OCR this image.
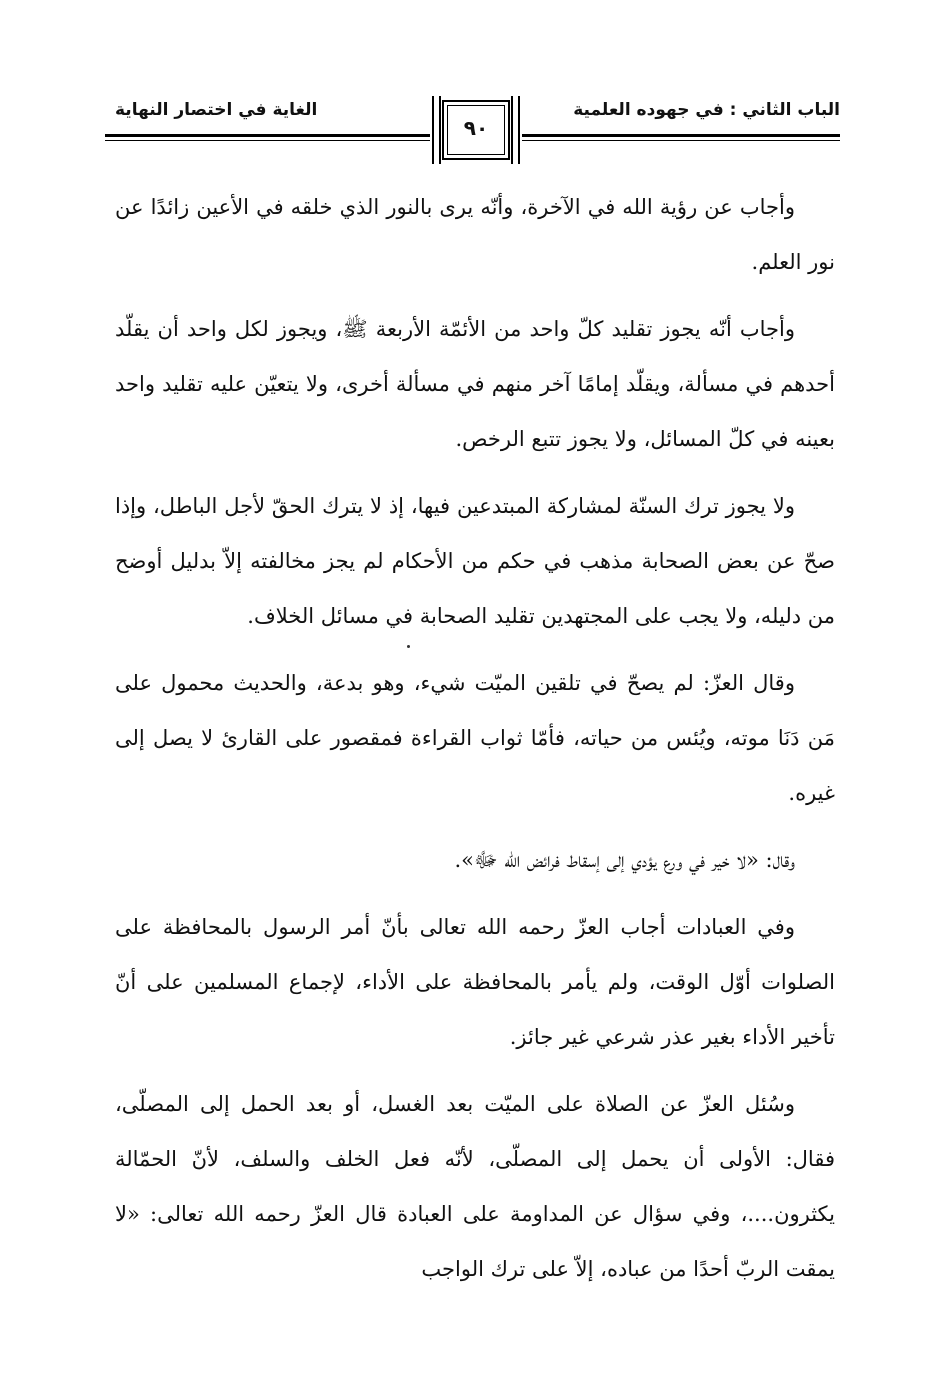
الباب الثاني : في جهوده العلمية
الغاية في اختصار النهاية
٩٠

وأجاب عن رؤية الله في الآخرة، وأنّه يرى بالنور الذي خلقه في الأعين زائدًا عن نور العلم.

وأجاب أنّه يجوز تقليد كلّ واحد من الأئمّة الأربعة ﷺ، ويجوز لكل واحد أن يقلّد أحدهم في مسألة، ويقلّد إمامًا آخر منهم في مسألة أخرى، ولا يتعيّن عليه تقليد واحد بعينه في كلّ المسائل، ولا يجوز تتبع الرخص.

ولا يجوز ترك السنّة لمشاركة المبتدعين فيها، إذ لا يترك الحقّ لأجل الباطل، وإذا صحّ عن بعض الصحابة مذهب في حكم من الأحكام لم يجز مخالفته إلاّ بدليل أوضح من دليله، ولا يجب على المجتهدين تقليد الصحابة في مسائل الخلاف.

وقال العزّ: لم يصحّ في تلقين الميّت شيء، وهو بدعة، والحديث محمول على مَن دَنَا موته، ويُئس من حياته، فأمّا ثواب القراءة فمقصور على القارئ لا يصل إلى غيره.

وقال: «لا خير في ورع يؤدي إلى إسقاط فرائض الله ﷻ».

وفي العبادات أجاب العزّ رحمه الله تعالى بأنّ أمر الرسول بالمحافظة على الصلوات أوّل الوقت، ولم يأمر بالمحافظة على الأداء، لإجماع المسلمين على أنّ تأخير الأداء بغير عذر شرعي غير جائز.

وسُئل العزّ عن الصلاة على الميّت بعد الغسل، أو بعد الحمل إلى المصلّى، فقال: الأولى أن يحمل إلى المصلّى، لأنّه فعل الخلف والسلف، لأنّ الحمّالة يكثرون....، وفي سؤال عن المداومة على العبادة قال العزّ رحمه الله تعالى: «لا يمقت الربّ أحدًا من عباده، إلاّ على ترك الواجب
